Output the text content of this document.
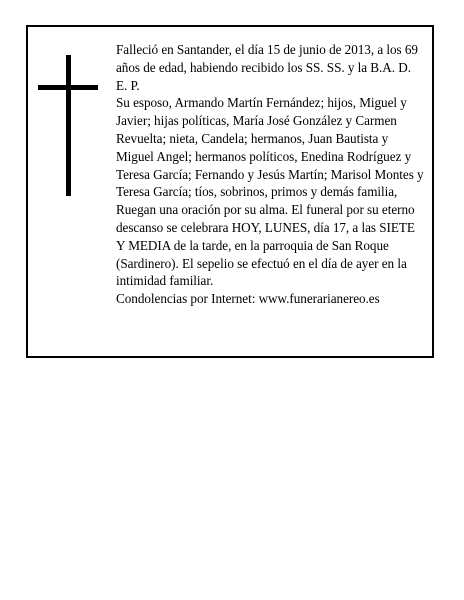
Falleció en Santander, el día 15 de junio de 2013, a los 69 años de edad, habiendo recibido los SS. SS. y la B.A. D. E. P.

Su esposo, Armando Martín Fernández; hijos, Miguel y Javier; hijas políticas, María José González y Carmen Revuelta; nieta, Candela; hermanos, Juan Bautista y Miguel Angel; hermanos políticos, Enedina Rodríguez y Teresa García; Fernando y Jesús Martín; Marisol Montes y Teresa García; tíos, sobrinos, primos y demás familia,

Ruegan una oración por su alma. El funeral por su eterno descanso se celebrara HOY, LUNES, día 17, a las SIETE Y MEDIA de la tarde, en la parroquia de San Roque (Sardinero). El sepelio se efectuó en el día de ayer en la intimidad familiar.

Condolencias por Internet: www.funerarianereo.es
